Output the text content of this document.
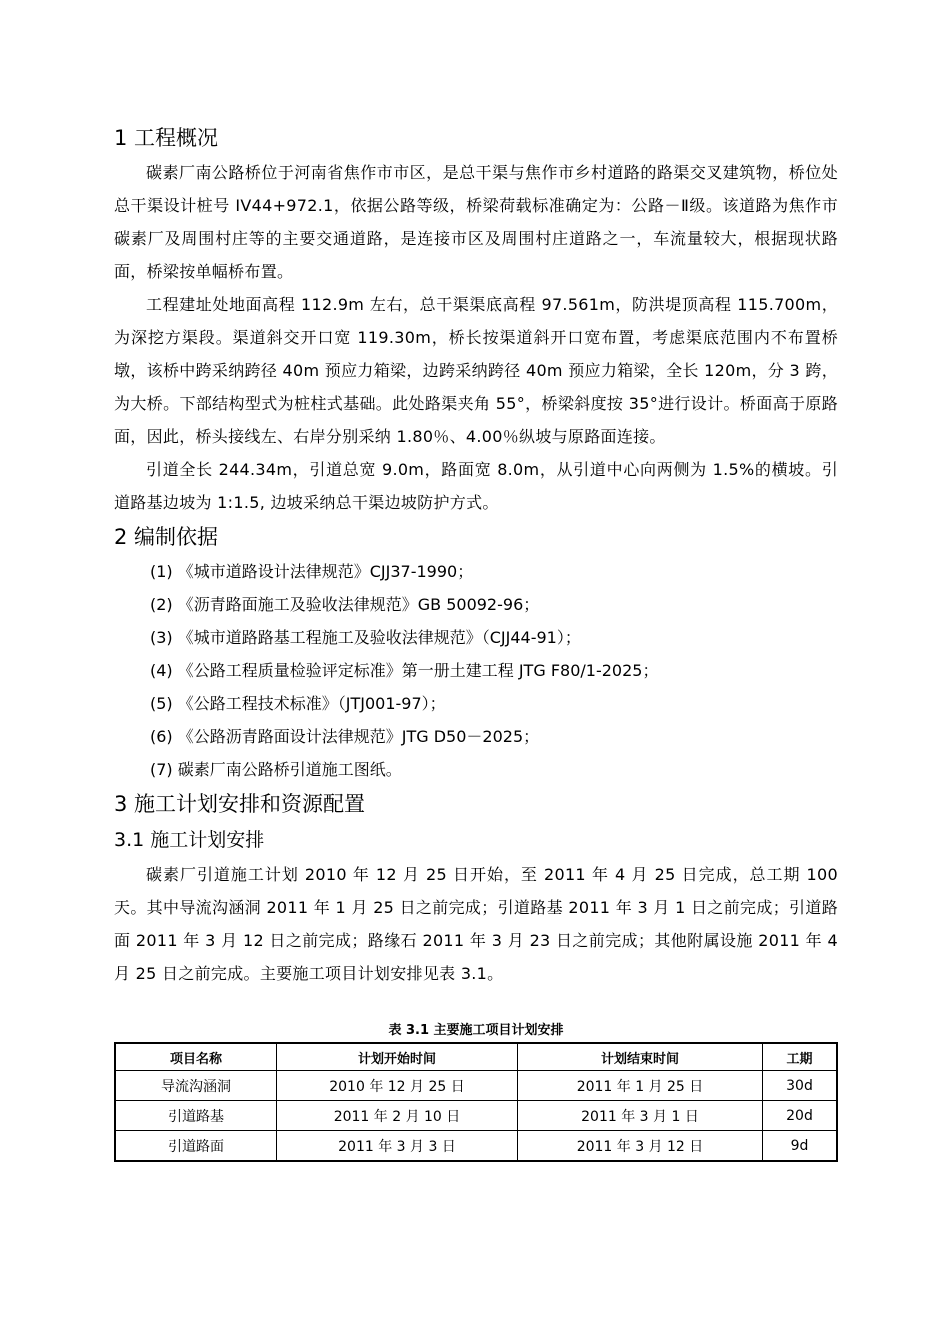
1 工程概况

碳素厂南公路桥位于河南省焦作市市区，是总干渠与焦作市乡村道路的路渠交叉建筑物，桥位处总干渠设计桩号 IV44+972.1，依据公路等级，桥梁荷载标准确定为：公路－Ⅱ级。该道路为焦作市碳素厂及周围村庄等的主要交通道路，是连接市区及周围村庄道路之一，车流量较大，根据现状路面，桥梁按单幅桥布置。

工程建址处地面高程 112.9m 左右，总干渠渠底高程 97.561m，防洪堤顶高程 115.700m，为深挖方渠段。渠道斜交开口宽 119.30m，桥长按渠道斜开口宽布置，考虑渠底范围内不布置桥墩，该桥中跨采纳跨径 40m 预应力箱梁，边跨采纳跨径 40m 预应力箱梁，全长 120m，分 3 跨，为大桥。下部结构型式为桩柱式基础。此处路渠夹角 55°，桥梁斜度按 35°进行设计。桥面高于原路面，因此，桥头接线左、右岸分别采纳 1.80％、4.00％纵坡与原路面连接。

引道全长 244.34m，引道总宽 9.0m，路面宽 8.0m，从引道中心向两侧为 1.5%的横坡。引道路基边坡为 1:1.5, 边坡采纳总干渠边坡防护方式。

2 编制依据

(1) 《城市道路设计法律规范》CJJ37-1990；

(2) 《沥青路面施工及验收法律规范》GB 50092-96；

(3) 《城市道路路基工程施工及验收法律规范》（CJJ44-91）；

(4) 《公路工程质量检验评定标准》第一册土建工程 JTG F80/1-2025；

(5) 《公路工程技术标准》（JTJ001-97）；

(6) 《公路沥青路面设计法律规范》JTG D50－2025；

(7) 碳素厂南公路桥引道施工图纸。

3 施工计划安排和资源配置
3.1 施工计划安排

碳素厂引道施工计划 2010 年 12 月 25 日开始，至 2011 年 4 月 25 日完成，总工期 100 天。其中导流沟涵洞 2011 年 1 月 25 日之前完成；引道路基 2011 年 3 月 1 日之前完成；引道路面 2011 年 3 月 12 日之前完成；路缘石 2011 年 3 月 23 日之前完成；其他附属设施 2011 年 4 月 25 日之前完成。主要施工项目计划安排见表 3.1。

表 3.1 主要施工项目计划安排
项目名称	计划开始时间	计划结束时间	工期
导流沟涵洞	2010 年 12 月 25 日	2011 年 1 月 25 日	30d
引道路基	2011 年 2 月 10 日	2011 年 3 月 1 日	20d
引道路面	2011 年 3 月 3 日	2011 年 3 月 12 日	9d
